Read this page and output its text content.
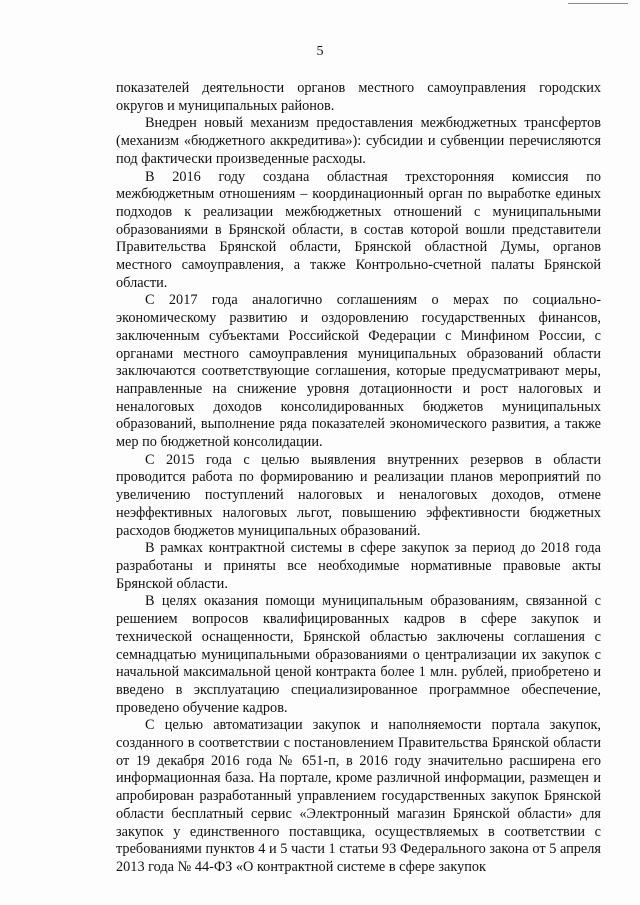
5

показателей деятельности органов местного самоуправления городских округов и муниципальных районов.

Внедрен новый механизм предоставления межбюджетных трансфертов (механизм «бюджетного аккредитива»): субсидии и субвенции перечисляются под фактически произведенные расходы.

В 2016 году создана областная трехсторонняя комиссия по межбюджетным отношениям – координационный орган по выработке единых подходов к реализации межбюджетных отношений с муниципальными образованиями в Брянской области, в состав которой вошли представители Правительства Брянской области, Брянской областной Думы, органов местного самоуправления, а также Контрольно-счетной палаты Брянской области.

С 2017 года аналогично соглашениям о мерах по социально-экономическому развитию и оздоровлению государственных финансов, заключенным субъектами Российской Федерации с Минфином России, с органами местного самоуправления муниципальных образований области заключаются соответствующие соглашения, которые предусматривают меры, направленные на снижение уровня дотационности и рост налоговых и неналоговых доходов консолидированных бюджетов муниципальных образований, выполнение ряда показателей экономического развития, а также мер по бюджетной консолидации.

С 2015 года с целью выявления внутренних резервов в области проводится работа по формированию и реализации планов мероприятий по увеличению поступлений налоговых и неналоговых доходов, отмене неэффективных налоговых льгот, повышению эффективности бюджетных расходов бюджетов муниципальных образований.

В рамках контрактной системы в сфере закупок за период до 2018 года разработаны и приняты все необходимые нормативные правовые акты Брянской области.

В целях оказания помощи муниципальным образованиям, связанной с решением вопросов квалифицированных кадров в сфере закупок и технической оснащенности, Брянской областью заключены соглашения с семнадцатью муниципальными образованиями о централизации их закупок с начальной максимальной ценой контракта более 1 млн. рублей, приобретено и введено в эксплуатацию специализированное программное обеспечение, проведено обучение кадров.

С целью автоматизации закупок и наполняемости портала закупок, созданного в соответствии с постановлением Правительства Брянской области от 19 декабря 2016 года № 651-п, в 2016 году значительно расширена его информационная база. На портале, кроме различной информации, размещен и апробирован разработанный управлением государственных закупок Брянской области бесплатный сервис «Электронный магазин Брянской области» для закупок у единственного поставщика, осуществляемых в соответствии с требованиями пунктов 4 и 5 части 1 статьи 93 Федерального закона от 5 апреля 2013 года № 44-ФЗ «О контрактной системе в сфере закупок
